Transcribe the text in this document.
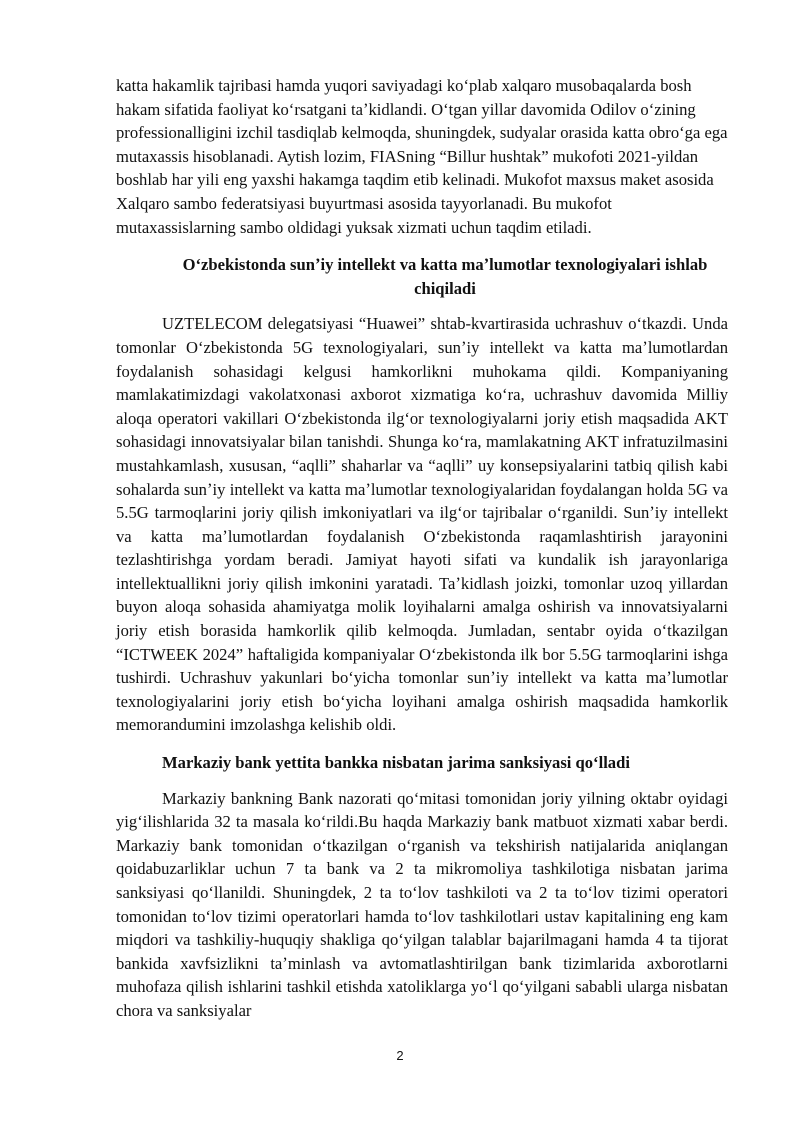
katta hakamlik tajribasi hamda yuqori saviyadagi koʻplab xalqaro musobaqalarda bosh hakam sifatida faoliyat koʻrsatgani taʼkidlandi. Oʻtgan yillar davomida Odilov oʻzining professionalligini izchil tasdiqlab kelmoqda, shuningdek, sudyalar orasida katta obroʻga ega mutaxassis hisoblanadi. Aytish lozim, FIASning “Billur hushtak” mukofoti 2021-yildan boshlab har yili eng yaxshi hakamga taqdim etib kelinadi. Mukofot maxsus maket asosida Xalqaro sambo federatsiyasi buyurtmasi asosida tayyorlanadi. Bu mukofot mutaxassislarning sambo oldidagi yuksak xizmati uchun taqdim etiladi.

Oʻzbekistonda sunʼiy intellekt va katta maʼlumotlar texnologiyalari ishlab chiqiladi

UZTELECOM delegatsiyasi “Huawei” shtab-kvartirasida uchrashuv oʻtkazdi. Unda tomonlar Oʻzbekistonda 5G texnologiyalari, sunʼiy intellekt va katta maʼlumotlardan foydalanish sohasidagi kelgusi hamkorlikni muhokama qildi. Kompaniyaning mamlakatimizdagi vakolatxonasi axborot xizmatiga koʻra, uchrashuv davomida Milliy aloqa operatori vakillari Oʻzbekistonda ilgʻor texnologiyalarni joriy etish maqsadida AKT sohasidagi innovatsiyalar bilan tanishdi. Shunga koʻra, mamlakatning AKT infratuzilmasini mustahkamlash, xususan, “aqlli” shaharlar va “aqlli” uy konsepsiyalarini tatbiq qilish kabi sohalarda sunʼiy intellekt va katta maʼlumotlar texnologiyalaridan foydalangan holda 5G va 5.5G tarmoqlarini joriy qilish imkoniyatlari va ilgʻor tajribalar oʻrganildi. Sunʼiy intellekt va katta maʼlumotlardan foydalanish Oʻzbekistonda raqamlashtirish jarayonini tezlashtirishga yordam beradi. Jamiyat hayoti sifati va kundalik ish jarayonlariga intellektuallikni joriy qilish imkonini yaratadi. Taʼkidlash joizki, tomonlar uzoq yillardan buyon aloqa sohasida ahamiyatga molik loyihalarni amalga oshirish va innovatsiyalarni joriy etish borasida hamkorlik qilib kelmoqda. Jumladan, sentabr oyida oʻtkazilgan “ICTWEEK 2024” haftaligida kompaniyalar Oʻzbekistonda ilk bor 5.5G tarmoqlarini ishga tushirdi. Uchrashuv yakunlari boʻyicha tomonlar sunʼiy intellekt va katta maʼlumotlar texnologiyalarini joriy etish boʻyicha loyihani amalga oshirish maqsadida hamkorlik memorandumini imzolashga kelishib oldi.

Markaziy bank yettita bankka nisbatan jarima sanksiyasi qoʻlladi

Markaziy bankning Bank nazorati qoʻmitasi tomonidan joriy yilning oktabr oyidagi yigʻilishlarida 32 ta masala koʻrildi.Bu haqda Markaziy bank matbuot xizmati xabar berdi. Markaziy bank tomonidan oʻtkazilgan oʻrganish va tekshirish natijalarida aniqlangan qoidabuzarliklar uchun 7 ta bank va 2 ta mikromoliya tashkilotiga nisbatan jarima sanksiyasi qoʻllanildi. Shuningdek, 2 ta toʻlov tashkiloti va 2 ta toʻlov tizimi operatori tomonidan toʻlov tizimi operatorlari hamda toʻlov tashkilotlari ustav kapitalining eng kam miqdori va tashkiliy-huquqiy shakliga qoʻyilgan talablar bajarilmagani hamda 4 ta tijorat bankida xavfsizlikni taʼminlash va avtomatlashtirilgan bank tizimlarida axborotlarni muhofaza qilish ishlarini tashkil etishda xatoliklarga yoʻl qoʻyilgani sababli ularga nisbatan chora va sanksiyalar

2
